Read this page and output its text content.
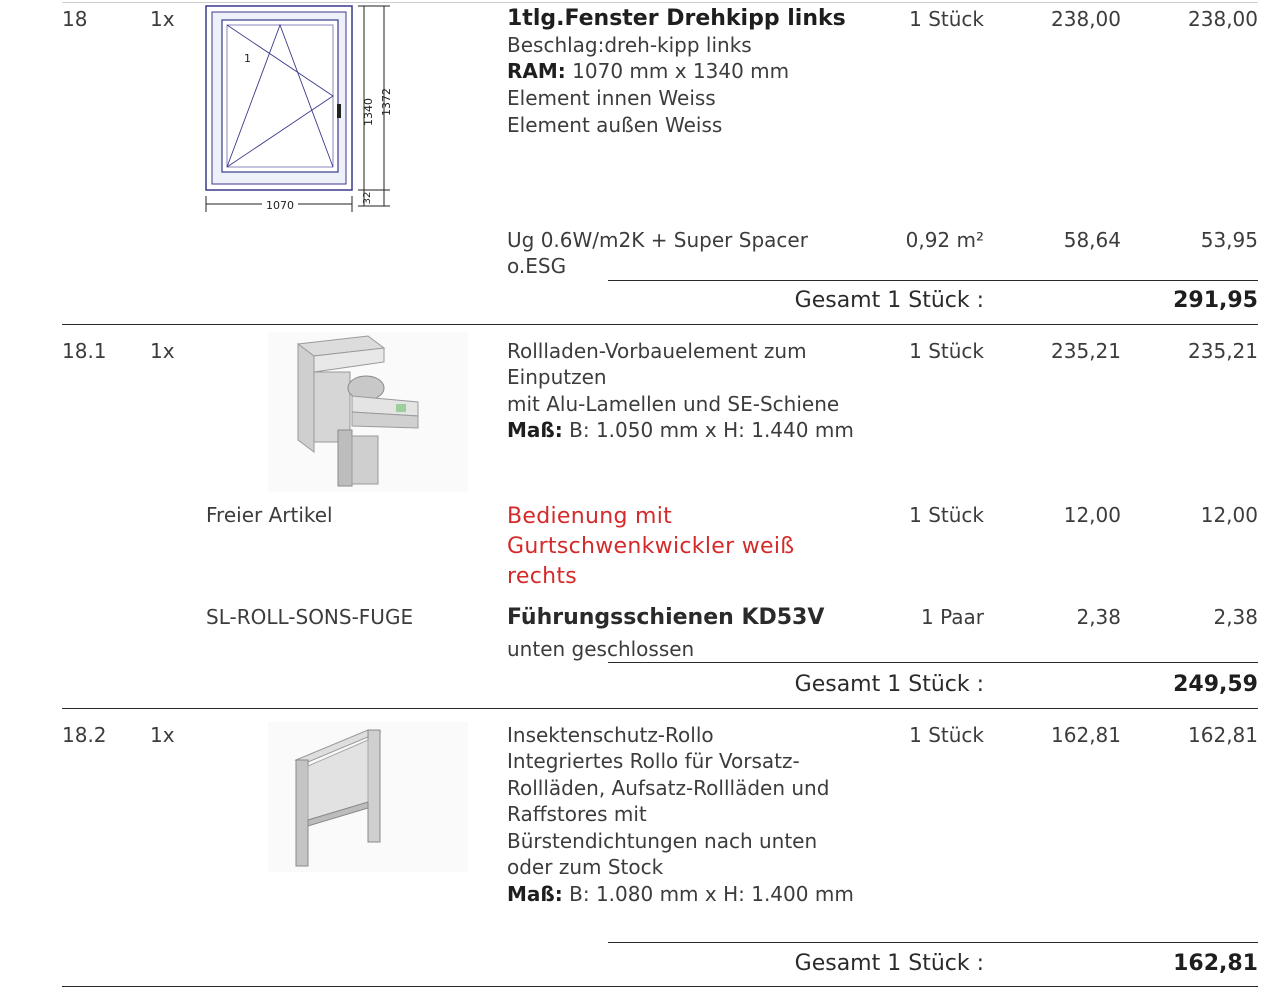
18	1x
1
1340 1372
32
1070
1tlg.Fenster Drehkipp links
Beschlag:dreh-kipp links
RAM: 1070 mm x 1340 mm
Element innen Weiss
Element außen Weiss
1 Stück	238,00	238,00
Ug 0.6W/m2K + Super Spacer
o.ESG
0,92 m²	58,64	53,95
Gesamt 1 Stück :	291,95
18.1 1x	Rollladen-Vorbauelement zum
Einputzen
mit Alu-Lamellen und SE-Schiene
Maß: B: 1.050 mm x H: 1.440 mm
1 Stück	235,21	235,21
Freier Artikel	Bedienung mit
Gurtschwenkwickler weiß
rechts
1 Stück	12,00	12,00
SL-ROLL-SONS-FUGE	Führungsschienen KD53V
unten geschlossen
1 Paar	2,38	2,38
Gesamt 1 Stück :	249,59
18.2 1x	Insektenschutz-Rollo
Integriertes Rollo für Vorsatz-
Rollläden, Aufsatz-Rollläden und
Raffstores mit
Bürstendichtungen nach unten
oder zum Stock
Maß: B: 1.080 mm x H: 1.400 mm
1 Stück	162,81	162,81
Gesamt 1 Stück :	162,81
